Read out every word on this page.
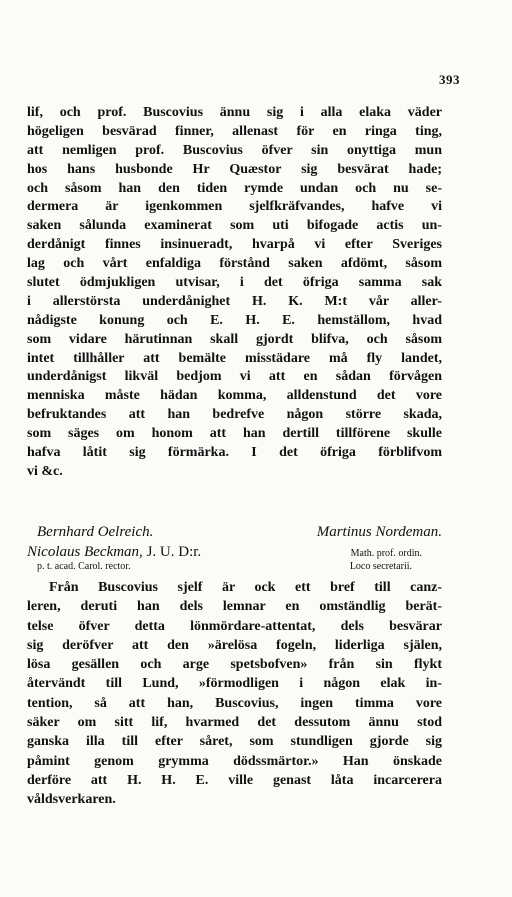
393
lif, och prof. Buscovius ännu sig i alla elaka väder
högeligen besvärad finner, allenast för en ringa ting,
att nemligen prof. Buscovius öfver sin onyttiga mun
hos hans husbonde Hr Quæstor sig besvärat hade;
och såsom han den tiden rymde undan och nu se-
dermera är igenkommen sjelfkräfvandes, hafve vi
saken sålunda examinerat som uti bifogade actis un-
derdånigt finnes insinueradt, hvarpå vi efter Sveriges
lag och vårt enfaldiga förstånd saken afdömt, såsom
slutet ödmjukligen utvisar, i det öfriga samma sak
i allerstörsta underdånighet H. K. M:t vår aller-
nådigste konung och E. H. E. hemställom, hvad
som vidare härutinnan skall gjordt blifva, och såsom
intet tillhåller att bemälte misstädare må fly landet,
underdånigst likväl bedjom vi att en sådan förvågen
menniska måste hädan komma, alldenstund det vore
befruktandes att han bedrefve någon större skada,
som säges om honom att han dertill tillförene skulle
hafva låtit sig förmärka. I det öfriga förblifvom
vi &c.
Bernhard Oelreich.	Martinus Nordeman.
Nicolaus Beckman, J. U. D:r.	Math. prof. ordin.
p. t. acad. Carol. rector.	Loco secretarii.
Från Buscovius sjelf är ock ett bref till canz-
leren, deruti han dels lemnar en omständlig berät-
telse öfver detta lönmördare-attentat, dels besvärar
sig deröfver att den »ärelösa fogeln, liderliga själen,
lösa gesällen och arge spetsbofven» från sin flykt
återvändt till Lund, »förmodligen i någon elak in-
tention, så att han, Buscovius, ingen timma vore
säker om sitt lif, hvarmed det dessutom ännu stod
ganska illa till efter såret, som stundligen gjorde sig
påmint genom grymma dödssmärtor.» Han önskade
derföre att H. H. E. ville genast låta incarcerera
våldsverkaren.
